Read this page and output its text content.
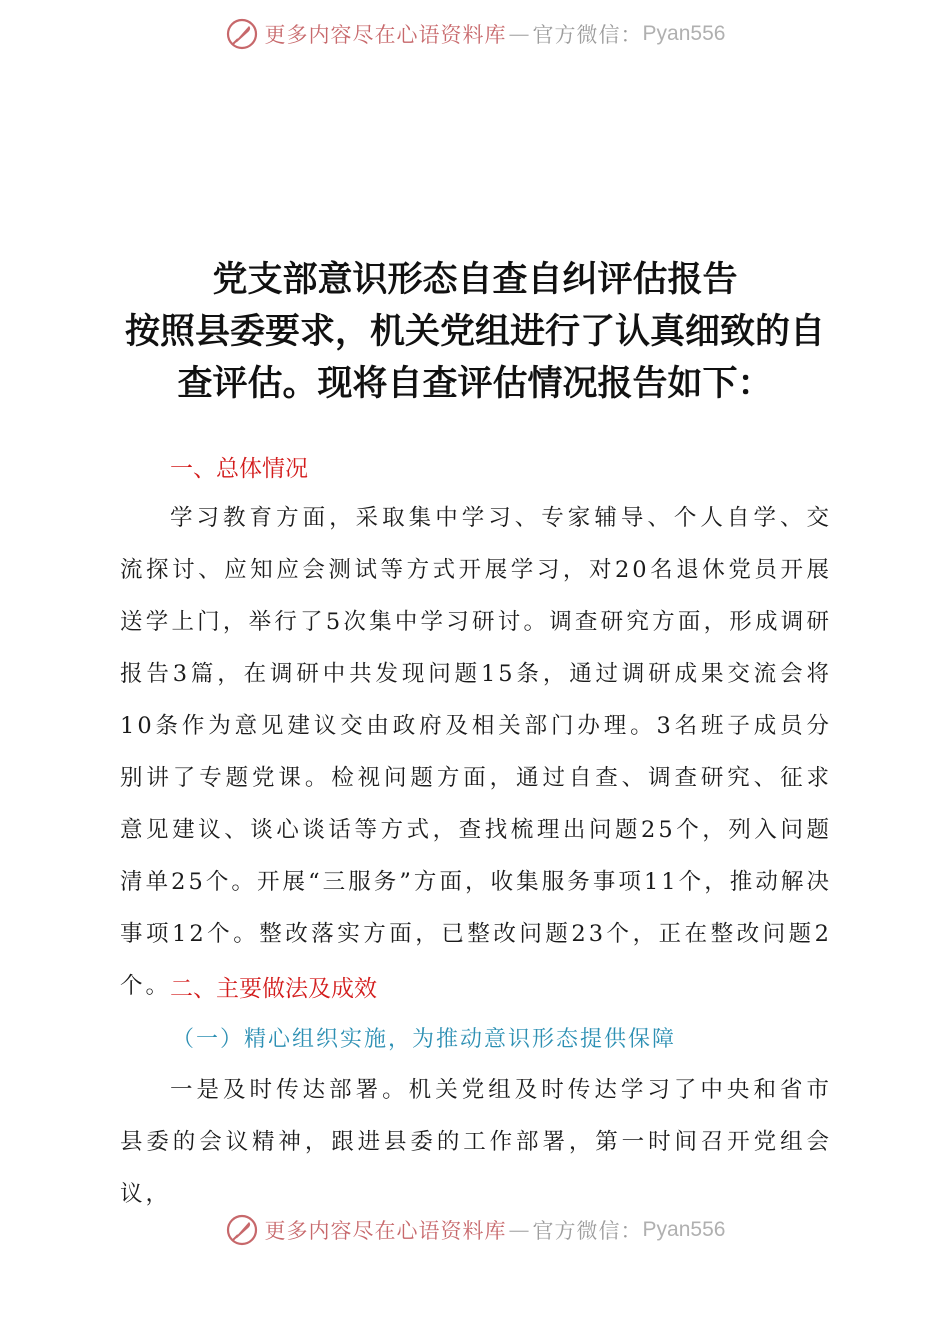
更多内容尽在心语资料库 — 官方微信： Pyan556
党支部意识形态自查自纠评估报告
按照县委要求，机关党组进行了认真细致的自
查评估。现将自查评估情况报告如下：
一、总体情况
学习教育方面，采取集中学习、专家辅导、个人自学、交流探讨、应知应会测试等方式开展学习，对20名退休党员开展送学上门，举行了5次集中学习研讨。调查研究方面，形成调研报告3篇，在调研中共发现问题15条，通过调研成果交流会将10条作为意见建议交由政府及相关部门办理。3名班子成员分别讲了专题党课。检视问题方面，通过自查、调查研究、征求意见建议、谈心谈话等方式，查找梳理出问题25个，列入问题清单25个。开展“三服务”方面，收集服务事项11个，推动解决事项12个。整改落实方面，已整改问题23个，正在整改问题2个。
二、主要做法及成效
（一）精心组织实施，为推动意识形态提供保障
一是及时传达部署。机关党组及时传达学习了中央和省市县委的会议精神，跟进县委的工作部署，第一时间召开党组会议，
更多内容尽在心语资料库 — 官方微信： Pyan556
